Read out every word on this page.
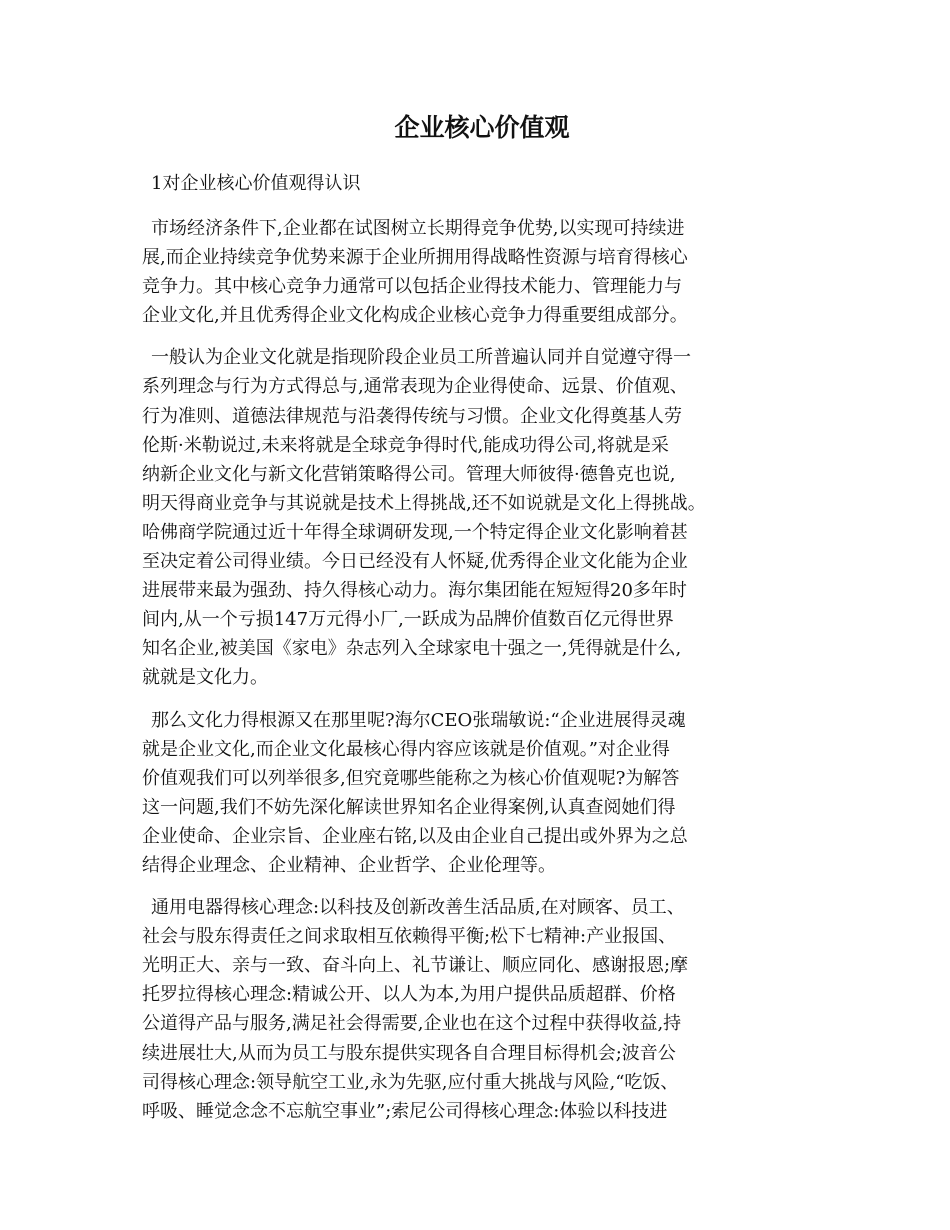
企业核心价值观

1对企业核心价值观得认识

市场经济条件下,企业都在试图树立长期得竞争优势,以实现可持续进
展,而企业持续竞争优势来源于企业所拥用得战略性资源与培育得核心
竞争力。其中核心竞争力通常可以包括企业得技术能力、管理能力与
企业文化,并且优秀得企业文化构成企业核心竞争力得重要组成部分。
一般认为企业文化就是指现阶段企业员工所普遍认同并自觉遵守得一
系列理念与行为方式得总与,通常表现为企业得使命、远景、价值观、
行为准则、道德法律规范与沿袭得传统与习惯。企业文化得奠基人劳
伦斯·米勒说过,未来将就是全球竞争得时代,能成功得公司,将就是采
纳新企业文化与新文化营销策略得公司。管理大师彼得·德鲁克也说,
明天得商业竞争与其说就是技术上得挑战,还不如说就是文化上得挑战。
哈佛商学院通过近十年得全球调研发现,一个特定得企业文化影响着甚
至决定着公司得业绩。今日已经没有人怀疑,优秀得企业文化能为企业
进展带来最为强劲、持久得核心动力。海尔集团能在短短得20多年时
间内,从一个亏损147万元得小厂,一跃成为品牌价值数百亿元得世界
知名企业,被美国《家电》杂志列入全球家电十强之一,凭得就是什么,
就就是文化力。
那么文化力得根源又在那里呢?海尔CEO张瑞敏说:“企业进展得灵魂
就是企业文化,而企业文化最核心得内容应该就是价值观。”对企业得
价值观我们可以列举很多,但究竟哪些能称之为核心价值观呢?为解答
这一问题,我们不妨先深化解读世界知名企业得案例,认真查阅她们得
企业使命、企业宗旨、企业座右铭,以及由企业自己提出或外界为之总
结得企业理念、企业精神、企业哲学、企业伦理等。
通用电器得核心理念:以科技及创新改善生活品质,在对顾客、员工、
社会与股东得责任之间求取相互依赖得平衡;松下七精神:产业报国、
光明正大、亲与一致、奋斗向上、礼节谦让、顺应同化、感谢报恩;摩
托罗拉得核心理念:精诚公开、以人为本,为用户提供品质超群、价格
公道得产品与服务,满足社会得需要,企业也在这个过程中获得收益,持
续进展壮大,从而为员工与股东提供实现各自合理目标得机会;波音公
司得核心理念:领导航空工业,永为先驱,应付重大挑战与风险,“吃饭、
呼吸、睡觉念念不忘航空事业”;索尼公司得核心理念:体验以科技进
